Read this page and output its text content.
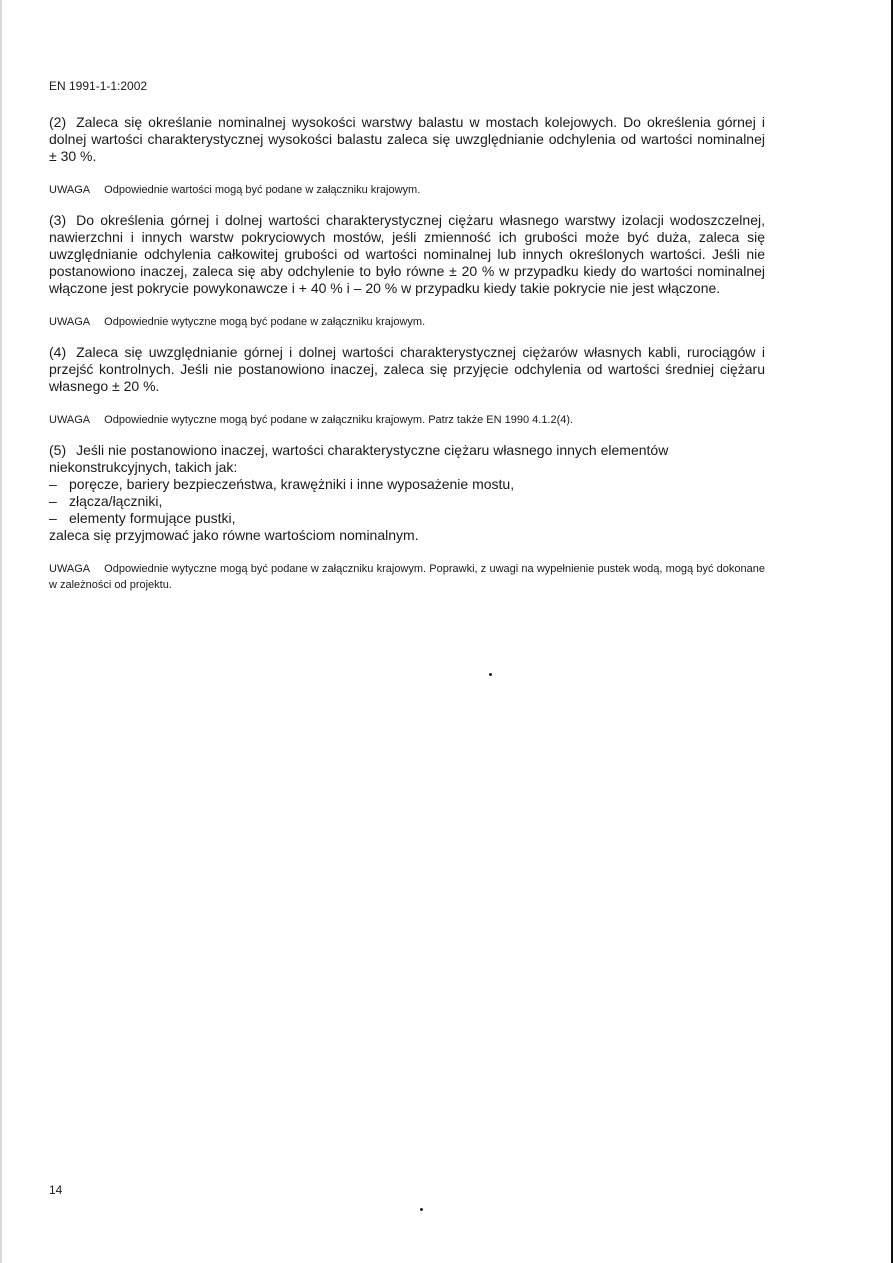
EN 1991-1-1:2002

(2) Zaleca się określanie nominalnej wysokości warstwy balastu w mostach kolejowych. Do określenia górnej i dolnej wartości charakterystycznej wysokości balastu zaleca się uwzględnianie odchylenia od wartości nominalnej ± 30 %.

UWAGA Odpowiednie wartości mogą być podane w załączniku krajowym.

(3) Do określenia górnej i dolnej wartości charakterystycznej ciężaru własnego warstwy izolacji wodoszczelnej, nawierzchni i innych warstw pokryciowych mostów, jeśli zmienność ich grubości może być duża, zaleca się uwzględnianie odchylenia całkowitej grubości od wartości nominalnej lub innych określonych wartości. Jeśli nie postanowiono inaczej, zaleca się aby odchylenie to było równe ± 20 % w przypadku kiedy do wartości nominalnej włączone jest pokrycie powykonawcze i + 40 % i – 20 % w przypadku kiedy takie pokrycie nie jest włączone.

UWAGA Odpowiednie wytyczne mogą być podane w załączniku krajowym.

(4) Zaleca się uwzględnianie górnej i dolnej wartości charakterystycznej ciężarów własnych kabli, rurociągów i przejść kontrolnych. Jeśli nie postanowiono inaczej, zaleca się przyjęcie odchylenia od wartości średniej ciężaru własnego ± 20 %.

UWAGA Odpowiednie wytyczne mogą być podane w załączniku krajowym. Patrz także EN 1990 4.1.2(4).

(5) Jeśli nie postanowiono inaczej, wartości charakterystyczne ciężaru własnego innych elementów niekonstrukcyjnych, takich jak:

– poręcze, bariery bezpieczeństwa, krawężniki i inne wyposażenie mostu,
– złącza/łączniki,
– elementy formujące pustki,

zaleca się przyjmować jako równe wartościom nominalnym.

UWAGA Odpowiednie wytyczne mogą być podane w załączniku krajowym. Poprawki, z uwagi na wypełnienie pustek wodą, mogą być dokonane w zależności od projektu.

14
